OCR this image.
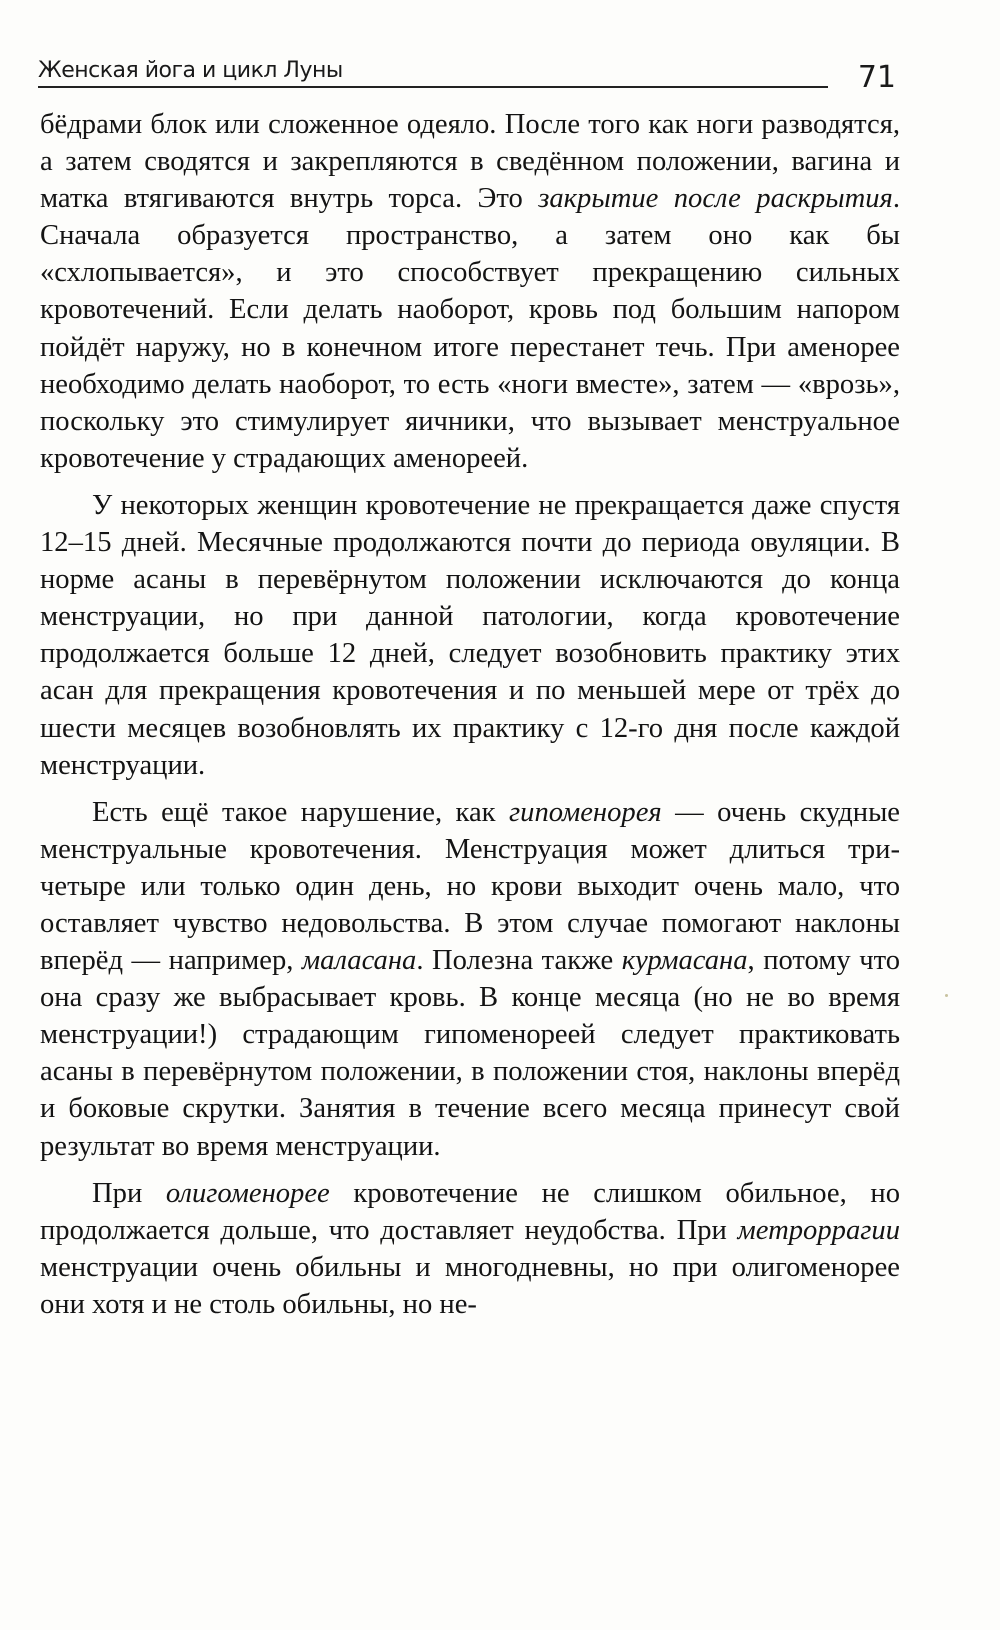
Женская йога и цикл Луны	71

бёдрами блок или сложенное одеяло. После того как ноги разводятся, а затем сводятся и закрепляются в сведённом положении, вагина и матка втягиваются внутрь торса. Это закрытие после раскрытия. Сначала образуется пространство, а затем оно как бы «схлопывается», и это способствует прекращению сильных кровотечений. Если делать наоборот, кровь под большим напором пойдёт наружу, но в конечном итоге перестанет течь. При аменорее необходимо делать наоборот, то есть «ноги вместе», затем — «врозь», поскольку это стимулирует яичники, что вызывает менструальное кровотечение у страдающих аменореей.

У некоторых женщин кровотечение не прекращается даже спустя 12–15 дней. Месячные продолжаются почти до периода овуляции. В норме асаны в перевёрнутом положении исключаются до конца менструации, но при данной патологии, когда кровотечение продолжается больше 12 дней, следует возобновить практику этих асан для прекращения кровотечения и по меньшей мере от трёх до шести месяцев возобновлять их практику с 12-го дня после каждой менструации.

Есть ещё такое нарушение, как гипоменорея — очень скудные менструальные кровотечения. Менструация может длиться три-четыре или только один день, но крови выходит очень мало, что оставляет чувство недовольства. В этом случае помогают наклоны вперёд — например, маласана. Полезна также курмасана, потому что она сразу же выбрасывает кровь. В конце месяца (но не во время менструации!) страдающим гипоменореей следует практиковать асаны в перевёрнутом положении, в положении стоя, наклоны вперёд и боковые скрутки. Занятия в течение всего месяца принесут свой результат во время менструации.

При олигоменорее кровотечение не слишком обильное, но продолжается дольше, что доставляет неудобства. При метроррагии менструации очень обильны и многодневны, но при олигоменорее они хотя и не столь обильны, но не-
